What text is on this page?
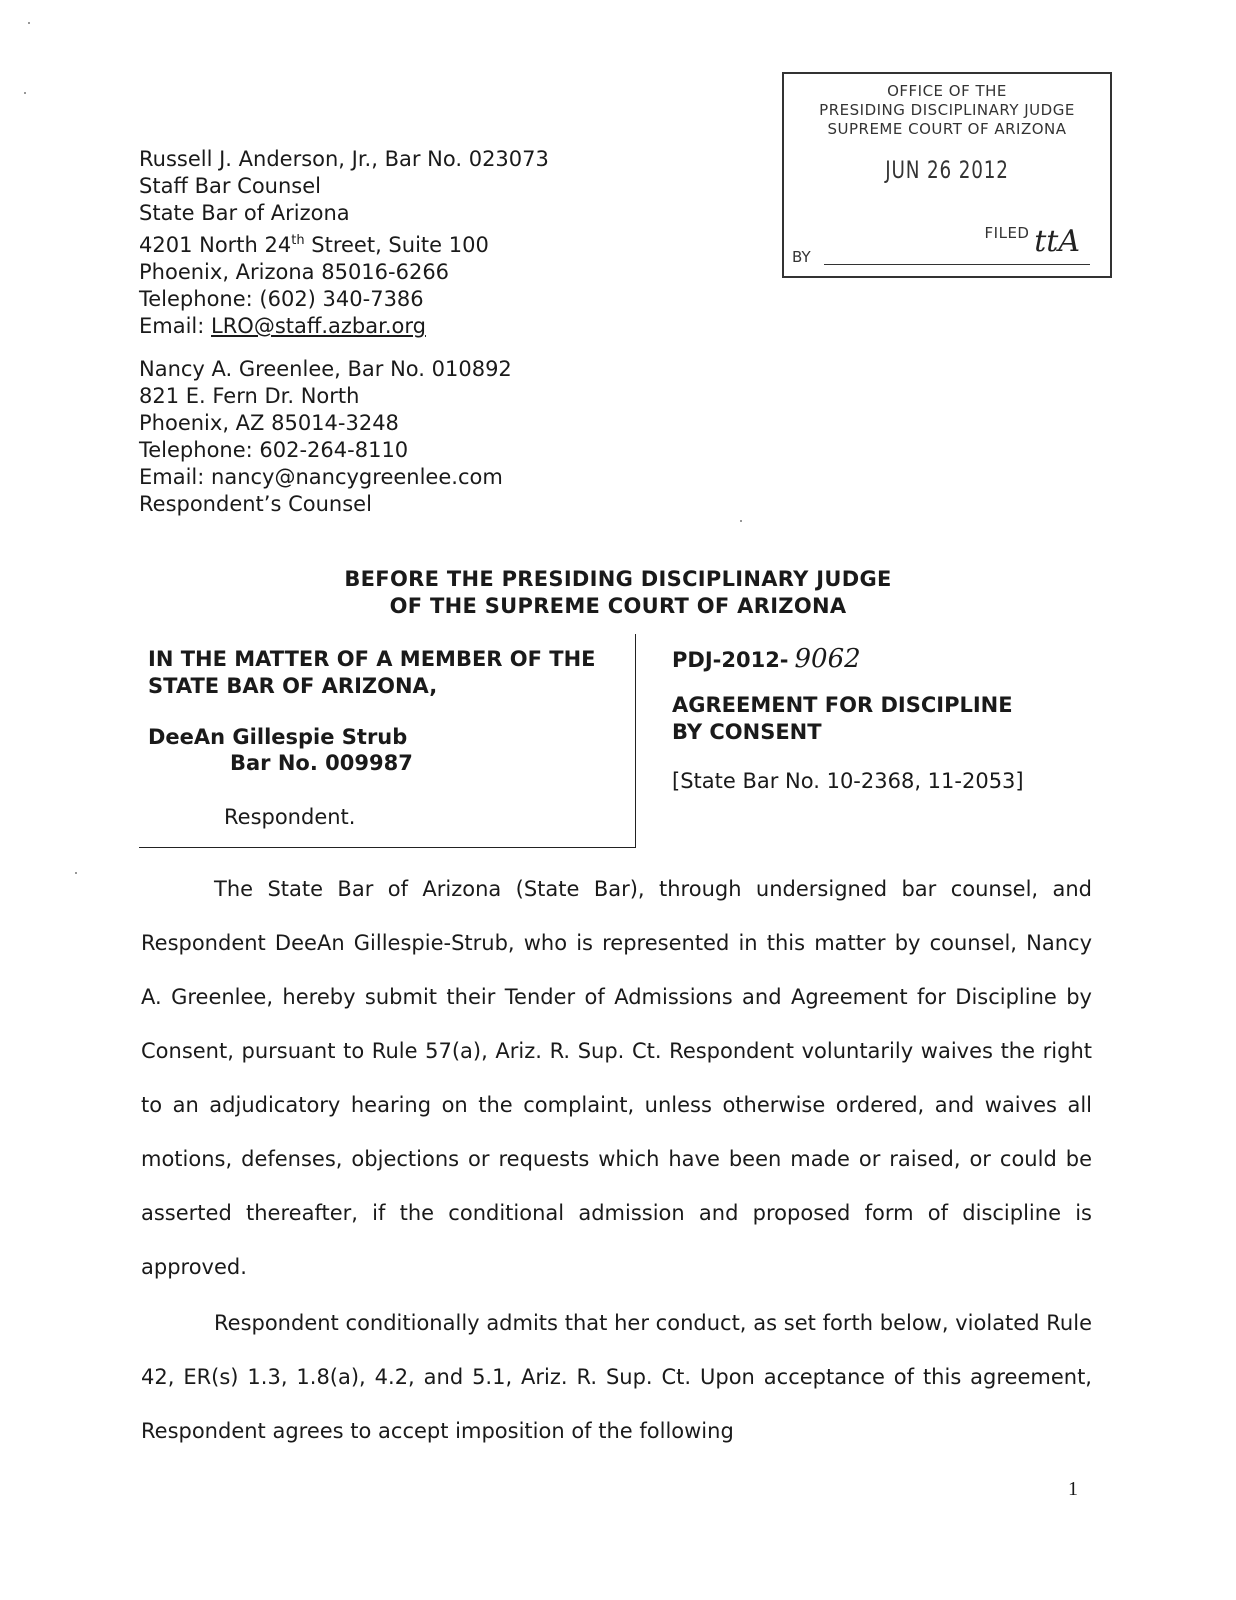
OFFICE OF THE
PRESIDING DISCIPLINARY JUDGE
SUPREME COURT OF ARIZONA
JUN 26 2012
FILED
BY	ttA
Russell J. Anderson, Jr., Bar No. 023073
Staff Bar Counsel
State Bar of Arizona
4201 North 24th Street, Suite 100
Phoenix, Arizona 85016-6266
Telephone: (602) 340-7386
Email: LRO@staff.azbar.org
Nancy A. Greenlee, Bar No. 010892
821 E. Fern Dr. North
Phoenix, AZ 85014-3248
Telephone: 602-264-8110
Email: nancy@nancygreenlee.com
Respondent’s Counsel
BEFORE THE PRESIDING DISCIPLINARY JUDGE
OF THE SUPREME COURT OF ARIZONA
IN THE MATTER OF A MEMBER OF THE
STATE BAR OF ARIZONA,
DeeAn Gillespie Strub
Bar No. 009987
Respondent.
PDJ-2012- 9062
AGREEMENT FOR DISCIPLINE
BY CONSENT
[State Bar No. 10-2368, 11-2053]
The State Bar of Arizona (State Bar), through undersigned bar counsel, and Respondent DeeAn Gillespie-Strub, who is represented in this matter by counsel, Nancy A. Greenlee, hereby submit their Tender of Admissions and Agreement for Discipline by Consent, pursuant to Rule 57(a), Ariz. R. Sup. Ct. Respondent voluntarily waives the right to an adjudicatory hearing on the complaint, unless otherwise ordered, and waives all motions, defenses, objections or requests which have been made or raised, or could be asserted thereafter, if the conditional admission and proposed form of discipline is approved.
Respondent conditionally admits that her conduct, as set forth below, violated Rule 42, ER(s) 1.3, 1.8(a), 4.2, and 5.1, Ariz. R. Sup. Ct. Upon acceptance of this agreement, Respondent agrees to accept imposition of the following
1
